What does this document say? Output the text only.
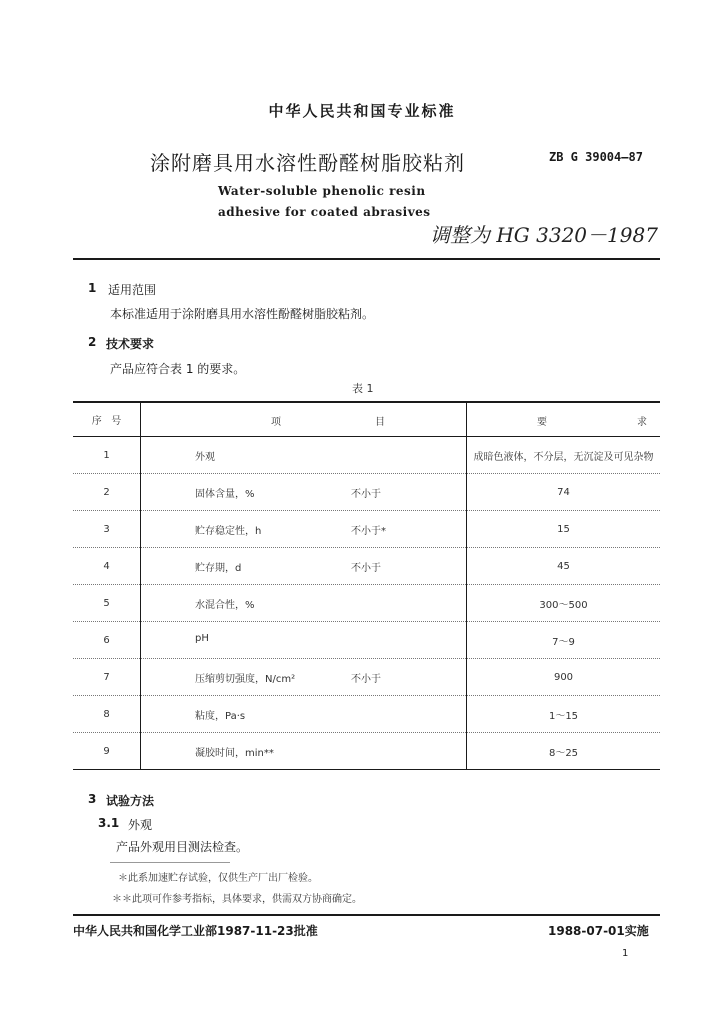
中华人民共和国专业标准
涂附磨具用水溶性酚醛树脂胶粘剂	ZB G 39004—87
Water-soluble phenolic resin
adhesive for coated abrasives
调整为 HG 3320－1987
1 适用范围
本标准适用于涂附磨具用水溶性酚醛树脂胶粘剂。
2 技术要求
产品应符合表 1 的要求。
表 1
序 号	项 目	要 求

1	外观	成暗色液体，不分层，无沉淀及可见杂物
2	固体含量，% 不小于	74
3	贮存稳定性，h 不小于*	15
4	贮存期，d 不小于	45
5	水混合性，%	300～500
6	pH	7～9
7	压缩剪切强度，N/cm² 不小于	900
8	粘度，Pa·s	1～15
9	凝胶时间，min**	8～25
3 试验方法
3.1 外观
产品外观用目测法检查。
＊此系加速贮存试验，仅供生产厂出厂检验。
＊＊此项可作参考指标，具体要求，供需双方协商确定。
中华人民共和国化学工业部1987-11-23批准	1988-07-01实施
1
